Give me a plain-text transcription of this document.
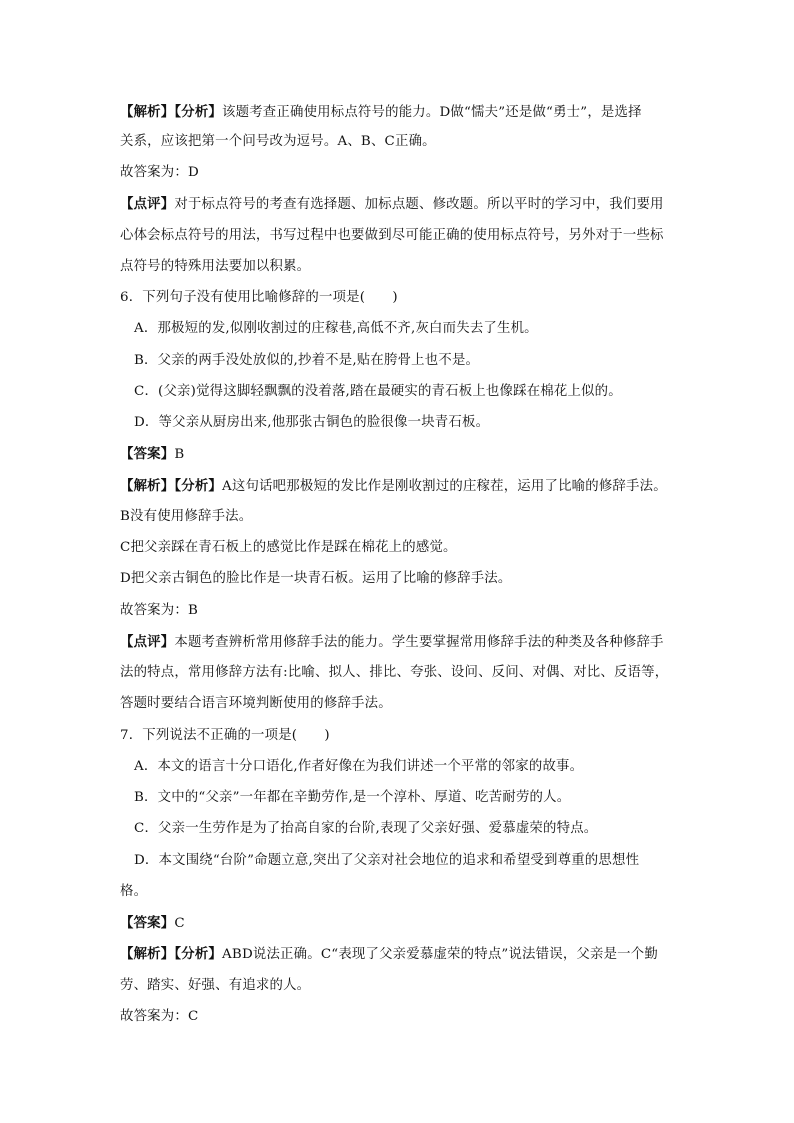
【解析】【分析】该题考查正确使用标点符号的能力。D做“懦夫”还是做“勇士”，是选择
关系，应该把第一个问号改为逗号。A、B、C正确。
故答案为：D
【点评】对于标点符号的考查有选择题、加标点题、修改题。所以平时的学习中，我们要用
心体会标点符号的用法，书写过程中也要做到尽可能正确的使用标点符号，另外对于一些标
点符号的特殊用法要加以积累。
6．下列句子没有使用比喻修辞的一项是(　　)
A．那极短的发,似刚收割过的庄稼巷,高低不齐,灰白而失去了生机。
B．父亲的两手没处放似的,抄着不是,贴在胯骨上也不是。
C．(父亲)觉得这脚轻飘飘的没着落,踏在最硬实的青石板上也像踩在棉花上似的。
D．等父亲从厨房出来,他那张古铜色的脸很像一块青石板。
【答案】B
【解析】【分析】A这句话吧那极短的发比作是刚收割过的庄稼茬，运用了比喻的修辞手法。
B没有使用修辞手法。
C把父亲踩在青石板上的感觉比作是踩在棉花上的感觉。
D把父亲古铜色的脸比作是一块青石板。运用了比喻的修辞手法。
故答案为：B
【点评】本题考查辨析常用修辞手法的能力。学生要掌握常用修辞手法的种类及各种修辞手
法的特点，常用修辞方法有:比喻、拟人、排比、夸张、设问、反问、对偶、对比、反语等，
答题时要结合语言环境判断使用的修辞手法。
7．下列说法不正确的一项是(　　)
A．本文的语言十分口语化,作者好像在为我们讲述一个平常的邻家的故事。
B．文中的“父亲”一年都在辛勤劳作,是一个淳朴、厚道、吃苦耐劳的人。
C．父亲一生劳作是为了抬高自家的台阶,表现了父亲好强、爱慕虚荣的特点。
D．本文围绕“台阶”命题立意,突出了父亲对社会地位的追求和希望受到尊重的思想性
格。
【答案】C
【解析】【分析】ABD说法正确。C“表现了父亲爱慕虚荣的特点”说法错误，父亲是一个勤
劳、踏实、好强、有追求的人。
故答案为：C
